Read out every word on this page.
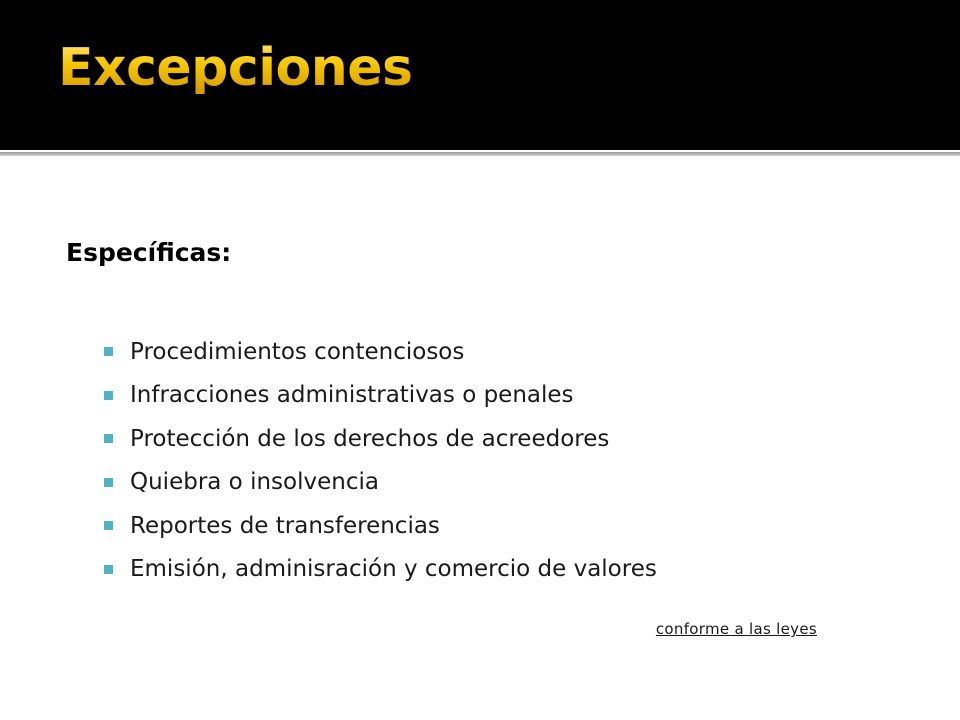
Excepciones
Específicas:
Procedimientos contenciosos
Infracciones administrativas o penales
Protección de los derechos de acreedores
Quiebra o insolvencia
Reportes de transferencias
Emisión, adminisración y comercio de valores
conforme a las leyes
